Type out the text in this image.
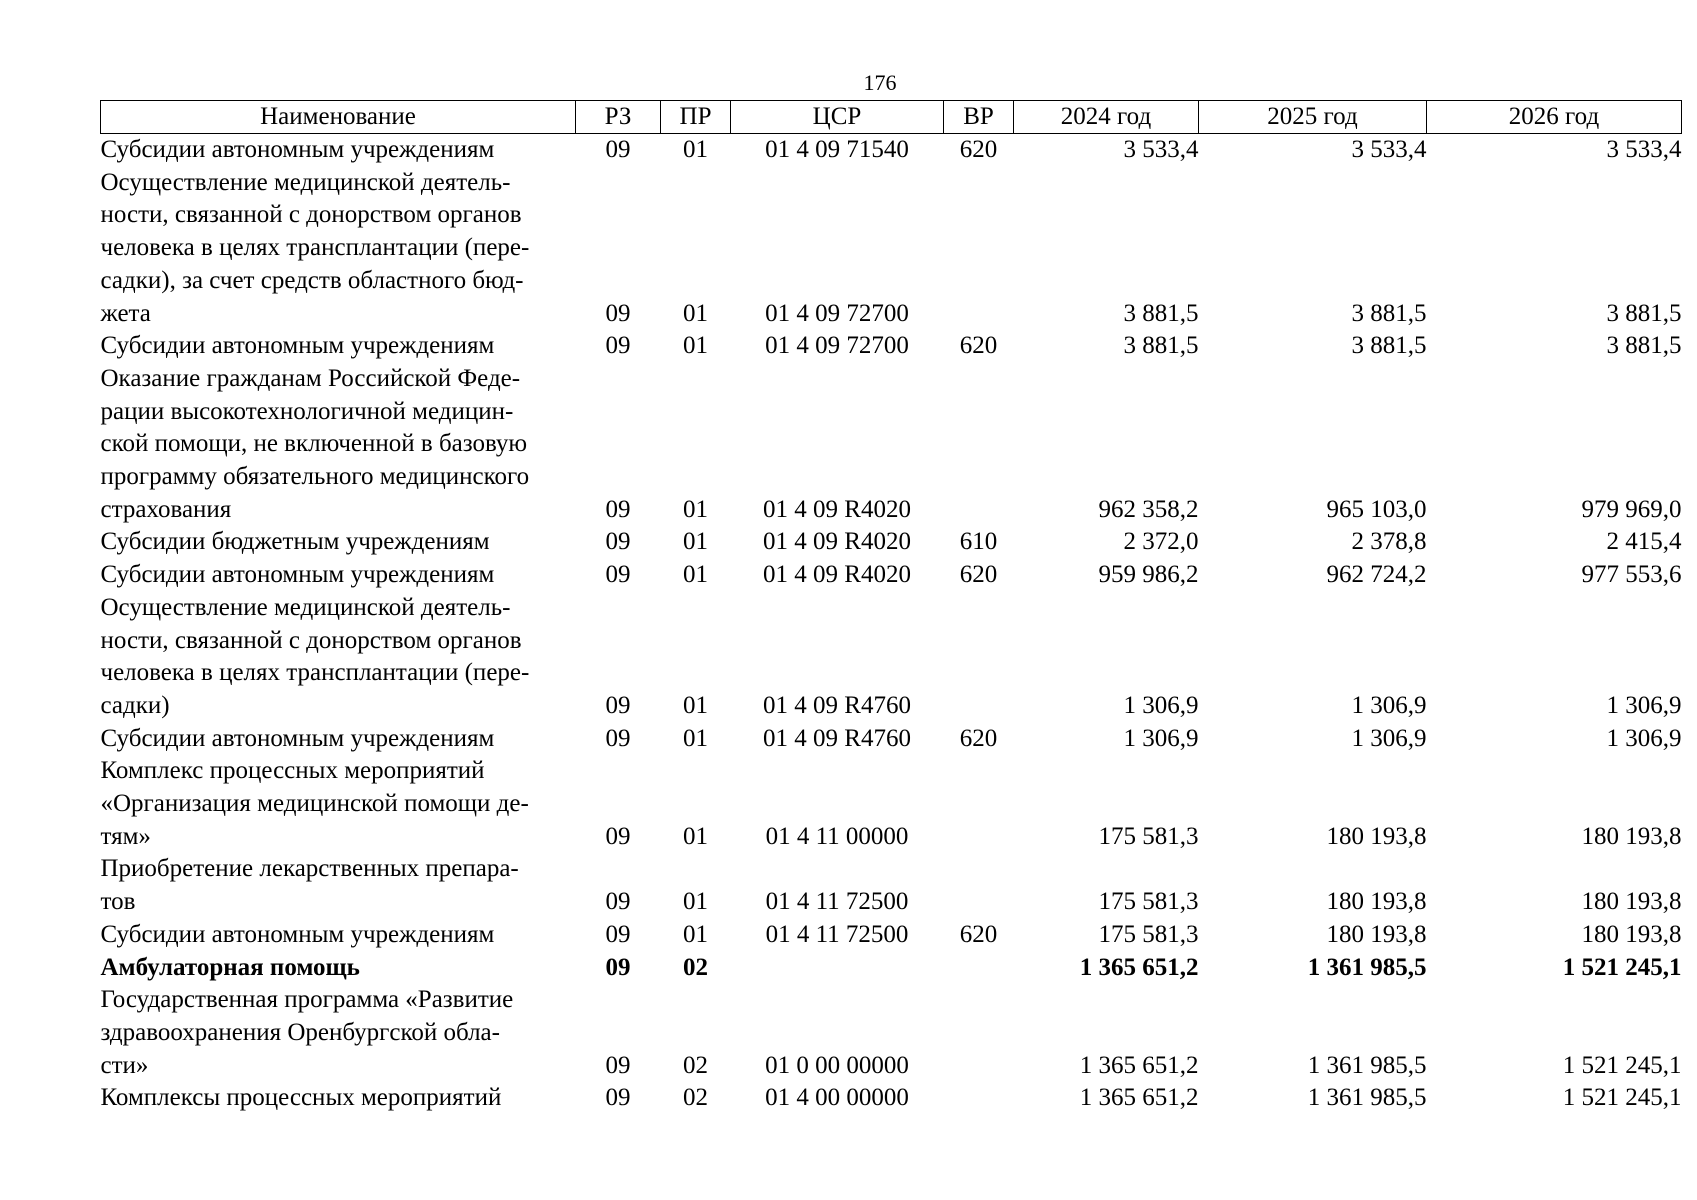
176
Наименование	РЗ	ПР	ЦСР	ВР	2024 год	2025 год	2026 год
Субсидии автономным учреждениям	09	01	01 4 09 71540	620	3 533,4	3 533,4	3 533,4
Осуществление медицинской деятель-
ности, связанной с донорством органов
человека в целях трансплантации (пере-
садки), за счет средств областного бюд-
жета	09	01	01 4 09 72700		3 881,5	3 881,5	3 881,5
Субсидии автономным учреждениям	09	01	01 4 09 72700	620	3 881,5	3 881,5	3 881,5
Оказание гражданам Российской Феде-
рации высокотехнологичной медицин-
ской помощи, не включенной в базовую
программу обязательного медицинского
страхования	09	01	01 4 09 R4020		962 358,2	965 103,0	979 969,0
Субсидии бюджетным учреждениям	09	01	01 4 09 R4020	610	2 372,0	2 378,8	2 415,4
Субсидии автономным учреждениям	09	01	01 4 09 R4020	620	959 986,2	962 724,2	977 553,6
Осуществление медицинской деятель-
ности, связанной с донорством органов
человека в целях трансплантации (пере-
садки)	09	01	01 4 09 R4760		1 306,9	1 306,9	1 306,9
Субсидии автономным учреждениям	09	01	01 4 09 R4760	620	1 306,9	1 306,9	1 306,9
Комплекс процессных мероприятий
«Организация медицинской помощи де-
тям»	09	01	01 4 11 00000		175 581,3	180 193,8	180 193,8
Приобретение лекарственных препара-
тов	09	01	01 4 11 72500		175 581,3	180 193,8	180 193,8
Субсидии автономным учреждениям	09	01	01 4 11 72500	620	175 581,3	180 193,8	180 193,8
Амбулаторная помощь	09	02			1 365 651,2	1 361 985,5	1 521 245,1
Государственная программа «Развитие
здравоохранения Оренбургской обла-
сти»	09	02	01 0 00 00000		1 365 651,2	1 361 985,5	1 521 245,1
Комплексы процессных мероприятий	09	02	01 4 00 00000		1 365 651,2	1 361 985,5	1 521 245,1
